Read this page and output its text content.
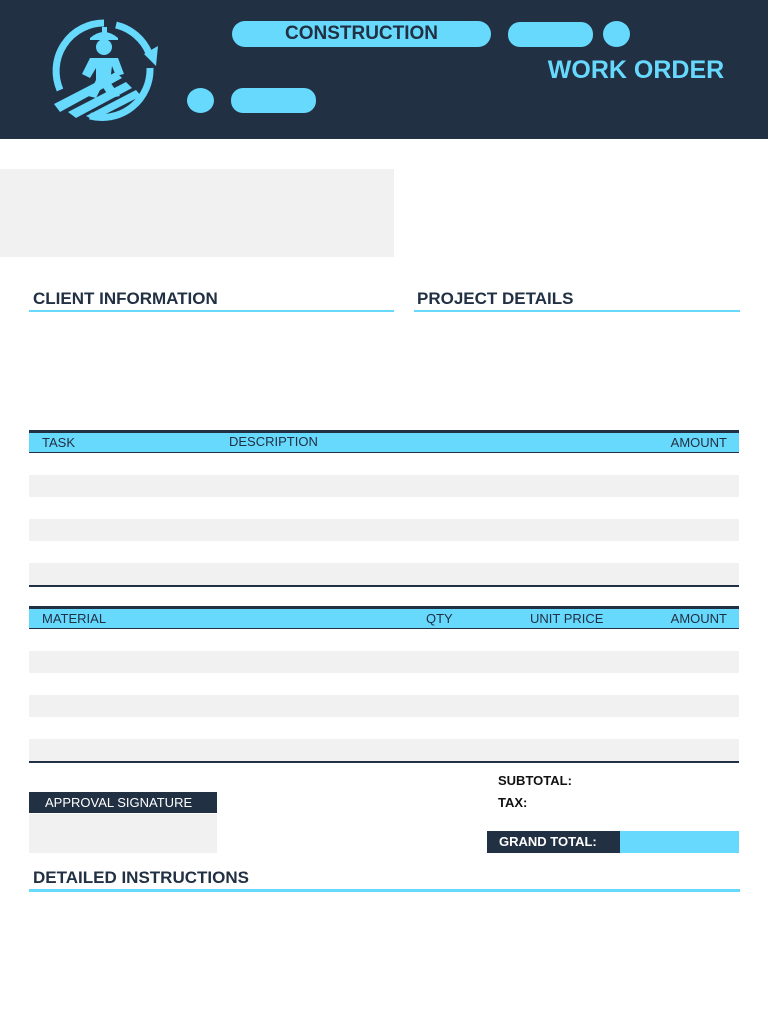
CONSTRUCTION
WORK ORDER
CLIENT INFORMATION	PROJECT DETAILS
TASK	DESCRIPTION	AMOUNT
MATERIAL	QTY	UNIT PRICE	AMOUNT
APPROVAL SIGNATURE
SUBTOTAL:
TAX:
GRAND TOTAL:
DETAILED INSTRUCTIONS
